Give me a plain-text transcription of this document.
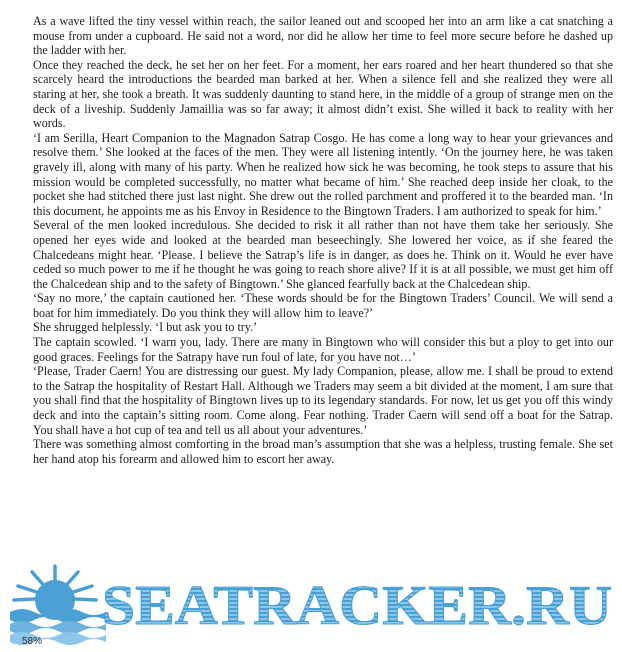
As a wave lifted the tiny vessel within reach, the sailor leaned out and scooped her into an arm like a cat snatching a mouse from under a cupboard. He said not a word, nor did he allow her time to feel more secure before he dashed up the ladder with her.

Once they reached the deck, he set her on her feet. For a moment, her ears roared and her heart thundered so that she scarcely heard the introductions the bearded man barked at her. When a silence fell and she realized they were all staring at her, she took a breath. It was suddenly daunting to stand here, in the middle of a group of strange men on the deck of a liveship. Suddenly Jamaillia was so far away; it almost didn’t exist. She willed it back to reality with her words.

‘I am Serilla, Heart Companion to the Magnadon Satrap Cosgo. He has come a long way to hear your grievances and resolve them.’ She looked at the faces of the men. They were all listening intently. ‘On the journey here, he was taken gravely ill, along with many of his party. When he realized how sick he was becoming, he took steps to assure that his mission would be completed successfully, no matter what became of him.’ She reached deep inside her cloak, to the pocket she had stitched there just last night. She drew out the rolled parchment and proffered it to the bearded man. ‘In this document, he appoints me as his Envoy in Residence to the Bingtown Traders. I am authorized to speak for him.’

Several of the men looked incredulous. She decided to risk it all rather than not have them take her seriously. She opened her eyes wide and looked at the bearded man beseechingly. She lowered her voice, as if she feared the Chalcedeans might hear. ‘Please. I believe the Satrap’s life is in danger, as does he. Think on it. Would he ever have ceded so much power to me if he thought he was going to reach shore alive? If it is at all possible, we must get him off the Chalcedean ship and to the safety of Bingtown.’ She glanced fearfully back at the Chalcedean ship.

‘Say no more,’ the captain cautioned her. ‘These words should be for the Bingtown Traders’ Council. We will send a boat for him immediately. Do you think they will allow him to leave?’

She shrugged helplessly. ‘I but ask you to try.’

The captain scowled. ‘I warn you, lady. There are many in Bingtown who will consider this but a ploy to get into our good graces. Feelings for the Satrapy have run foul of late, for you have not…’

‘Please, Trader Caern! You are distressing our guest. My lady Companion, please, allow me. I shall be proud to extend to the Satrap the hospitality of Restart Hall. Although we Traders may seem a bit divided at the moment, I am sure that you shall find that the hospitality of Bingtown lives up to its legendary standards. For now, let us get you off this windy deck and into the captain’s sitting room. Come along. Fear nothing. Trader Caern will send off a boat for the Satrap. You shall have a hot cup of tea and tell us all about your adventures.’

There was something almost comforting in the broad man’s assumption that she was a helpless, trusting female. She set her hand atop his forearm and allowed him to escort her away.

SEATRACKER.RU
58%
